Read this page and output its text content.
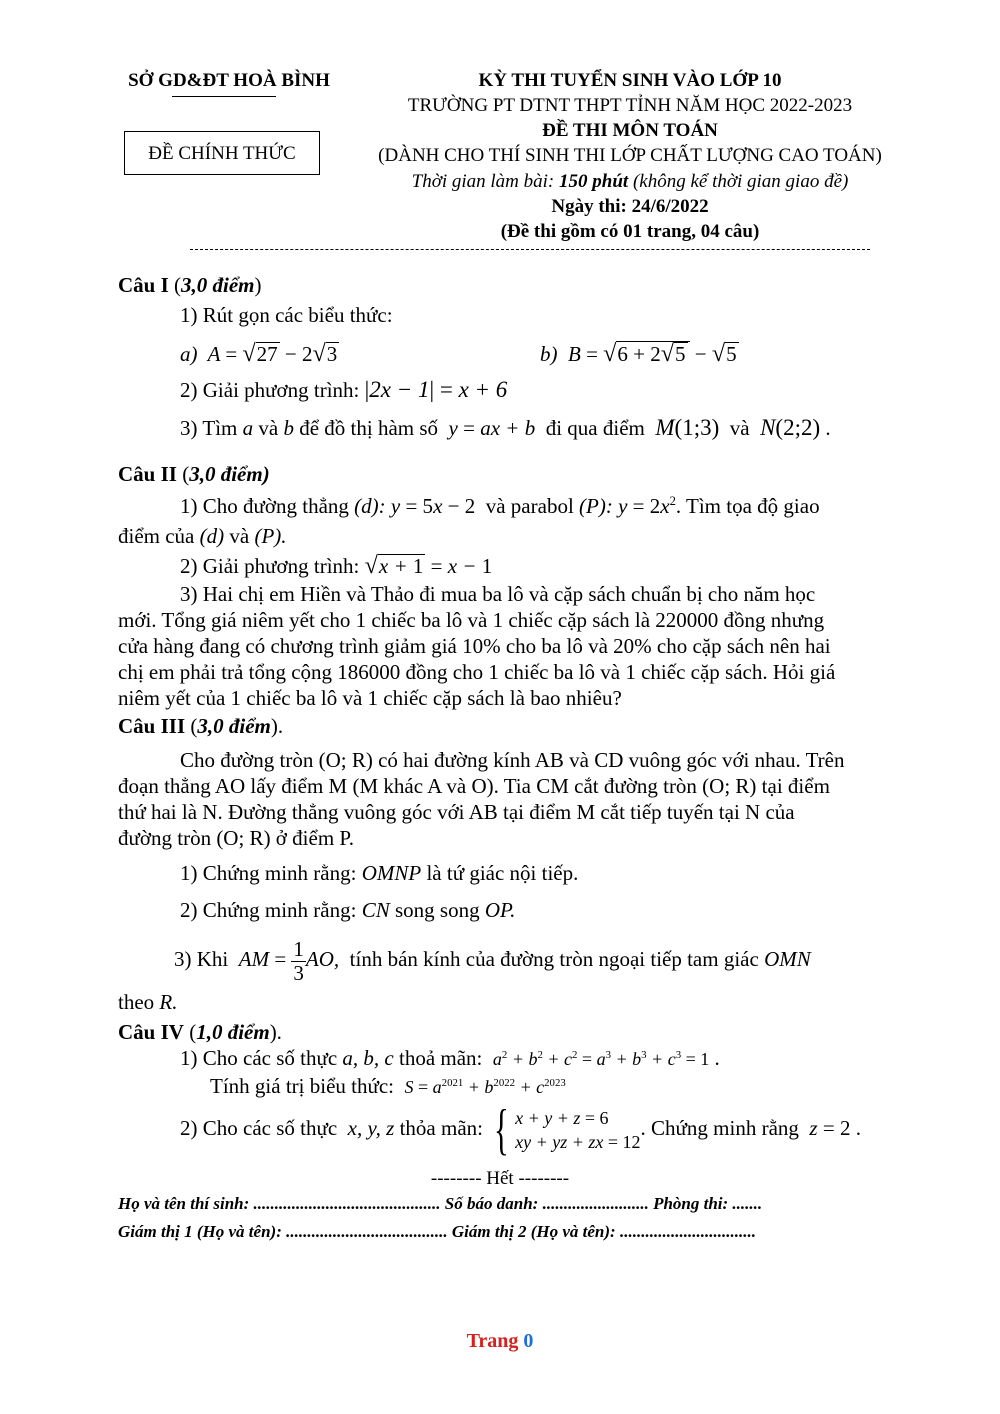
SỞ GD&ĐT HOÀ BÌNH
ĐỀ CHÍNH THỨC
KỲ THI TUYỂN SINH VÀO LỚP 10
TRƯỜNG PT DTNT THPT TỈNH NĂM HỌC 2022-2023
ĐỀ THI MÔN TOÁN
(DÀNH CHO THÍ SINH THI LỚP CHẤT LƯỢNG CAO TOÁN)
Thời gian làm bài: 150 phút (không kể thời gian giao đề)
Ngày thi: 24/6/2022
(Đề thi gồm có 01 trang, 04 câu)
Câu I (3,0 điểm)
1) Rút gọn các biểu thức:
a)  A = √27 − 2√3	b)  B = √6 + 2√5 − √5
2) Giải phương trình: |2x − 1| = x + 6
3) Tìm a và b để đồ thị hàm số y = ax + b đi qua điểm M(1;3) và N(2;2) .
Câu II (3,0 điểm)
1) Cho đường thẳng (d): y = 5x − 2 và parabol (P): $y = 2x^2$. Tìm tọa độ giao
điểm của (d) và (P).
2) Giải phương trình: √x + 1 = x − 1
3) Hai chị em Hiền và Thảo đi mua ba lô và cặp sách chuẩn bị cho năm học
mới. Tổng giá niêm yết cho 1 chiếc ba lô và 1 chiếc cặp sách là 220000 đồng nhưng
cửa hàng đang có chương trình giảm giá 10% cho ba lô và 20% cho cặp sách nên hai
chị em phải trả tổng cộng 186000 đồng cho 1 chiếc ba lô và 1 chiếc cặp sách. Hỏi giá
niêm yết của 1 chiếc ba lô và 1 chiếc cặp sách là bao nhiêu?
Câu III (3,0 điểm).
Cho đường tròn (O; R) có hai đường kính AB và CD vuông góc với nhau. Trên
đoạn thẳng AO lấy điểm M (M khác A và O). Tia CM cắt đường tròn (O; R) tại điểm
thứ hai là N. Đường thẳng vuông góc với AB tại điểm M cắt tiếp tuyến tại N của
đường tròn (O; R) ở điểm P.
1) Chứng minh rằng: OMNP là tứ giác nội tiếp.
2) Chứng minh rằng: CN song song OP.
3) Khi AM = $\frac{1}{3}$ AO, tính bán kính của đường tròn ngoại tiếp tam giác OMN
theo R.
Câu IV (1,0 điểm).
1) Cho các số thực a, b, c thoả mãn: $a^2 + b^2 + c^2 = a^3 + b^3 + c^3 = 1$ .
Tính giá trị biểu thức: $S = a^{2021} + b^{2022} + c^{2023}$
2) Cho các số thực x, y, z thỏa mãn: { x + y + z = 6
xy + yz + zx = 12
. Chứng minh rằng z = 2 .
-------- Hết --------
Họ và tên thí sinh: ............................................ Số báo danh: ......................... Phòng thi: .......
Giám thị 1 (Họ và tên): ...................................... Giám thị 2 (Họ và tên): ................................
Trang 0
